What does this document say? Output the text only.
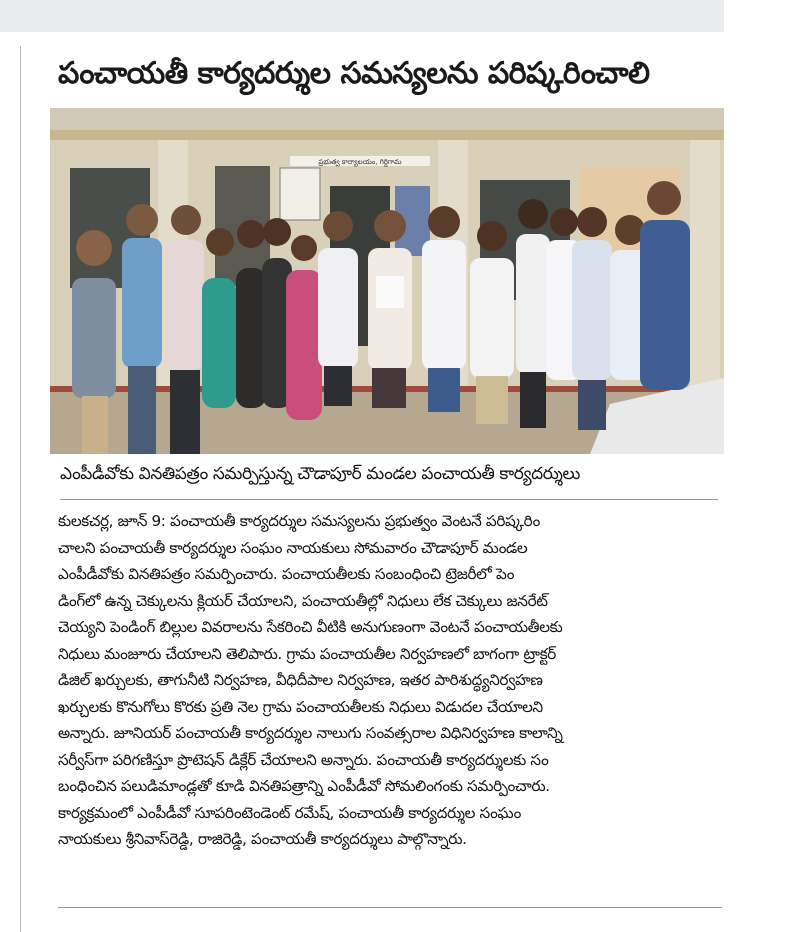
పంచాయతీ కార్యదర్శుల సమస్యలను పరిష్కరించాలి
ప్రభుత్వ కార్యాలయం, గిర్దిగామ
ఎంపీడీవోకు వినతిపత్రం సమర్పిస్తున్న చౌడాపూర్ మండల పంచాయతీ కార్యదర్శులు
కులకచర్ల, జూన్ 9: పంచాయతీ కార్యదర్శుల సమస్యలను ప్రభుత్వం వెంటనే పరిష్కరిం
చాలని పంచాయతీ కార్యదర్శుల సంఘం నాయకులు సోమవారం చౌడాపూర్ మండల
ఎంపీడీవోకు వినతిపత్రం సమర్పించారు. పంచాయతీలకు సంబంధించి ట్రెజరీలో పెం
డింగ్‌లో ఉన్న చెక్కులను క్లియర్ చేయాలని, పంచాయతీల్లో నిధులు లేక చెక్కులు జనరేట్
చెయ్యని పెండింగ్ బిల్లుల వివరాలను సేకరించి వీటికి అనుగుణంగా వెంటనే పంచాయతీలకు
నిధులు మంజూరు చేయాలని తెలిపారు. గ్రామ పంచాయతీల నిర్వహణలో బాగంగా ట్రాక్టర్
డిజిల్ ఖర్చులకు, తాగునీటి నిర్వహణ, వీధిదీపాల నిర్వహణ, ఇతర పారిశుద్ధ్యనిర్వహణ
ఖర్చులకు కొనుగోలు కొరకు ప్రతి నెల గ్రామ పంచాయతీలకు నిధులు విడుదల చేయాలని
అన్నారు. జూనియర్ పంచాయతీ కార్యదర్శుల నాలుగు సంవత్సరాల విధినిర్వహణ కాలాన్ని
సర్వీస్‌గా పరిగణిస్తూ ప్రొటెషన్ డిక్లేర్ చేయాలని అన్నారు. పంచాయతీ కార్యదర్శులకు సం
బంధించిన పలుడిమాండ్లతో కూడి వినతిపత్రాన్ని ఎంపీడీవో సోమలింగంకు సమర్పించారు.
కార్యక్రమంలో ఎంపీడీవో సూపరింటెండెంట్ రమేష్, పంచాయతీ కార్యదర్శుల సంఘం
నాయకులు శ్రీనివాస్‌రెడ్డి, రాజిరెడ్డి, పంచాయతీ కార్యదర్శులు పాల్గొన్నారు.
